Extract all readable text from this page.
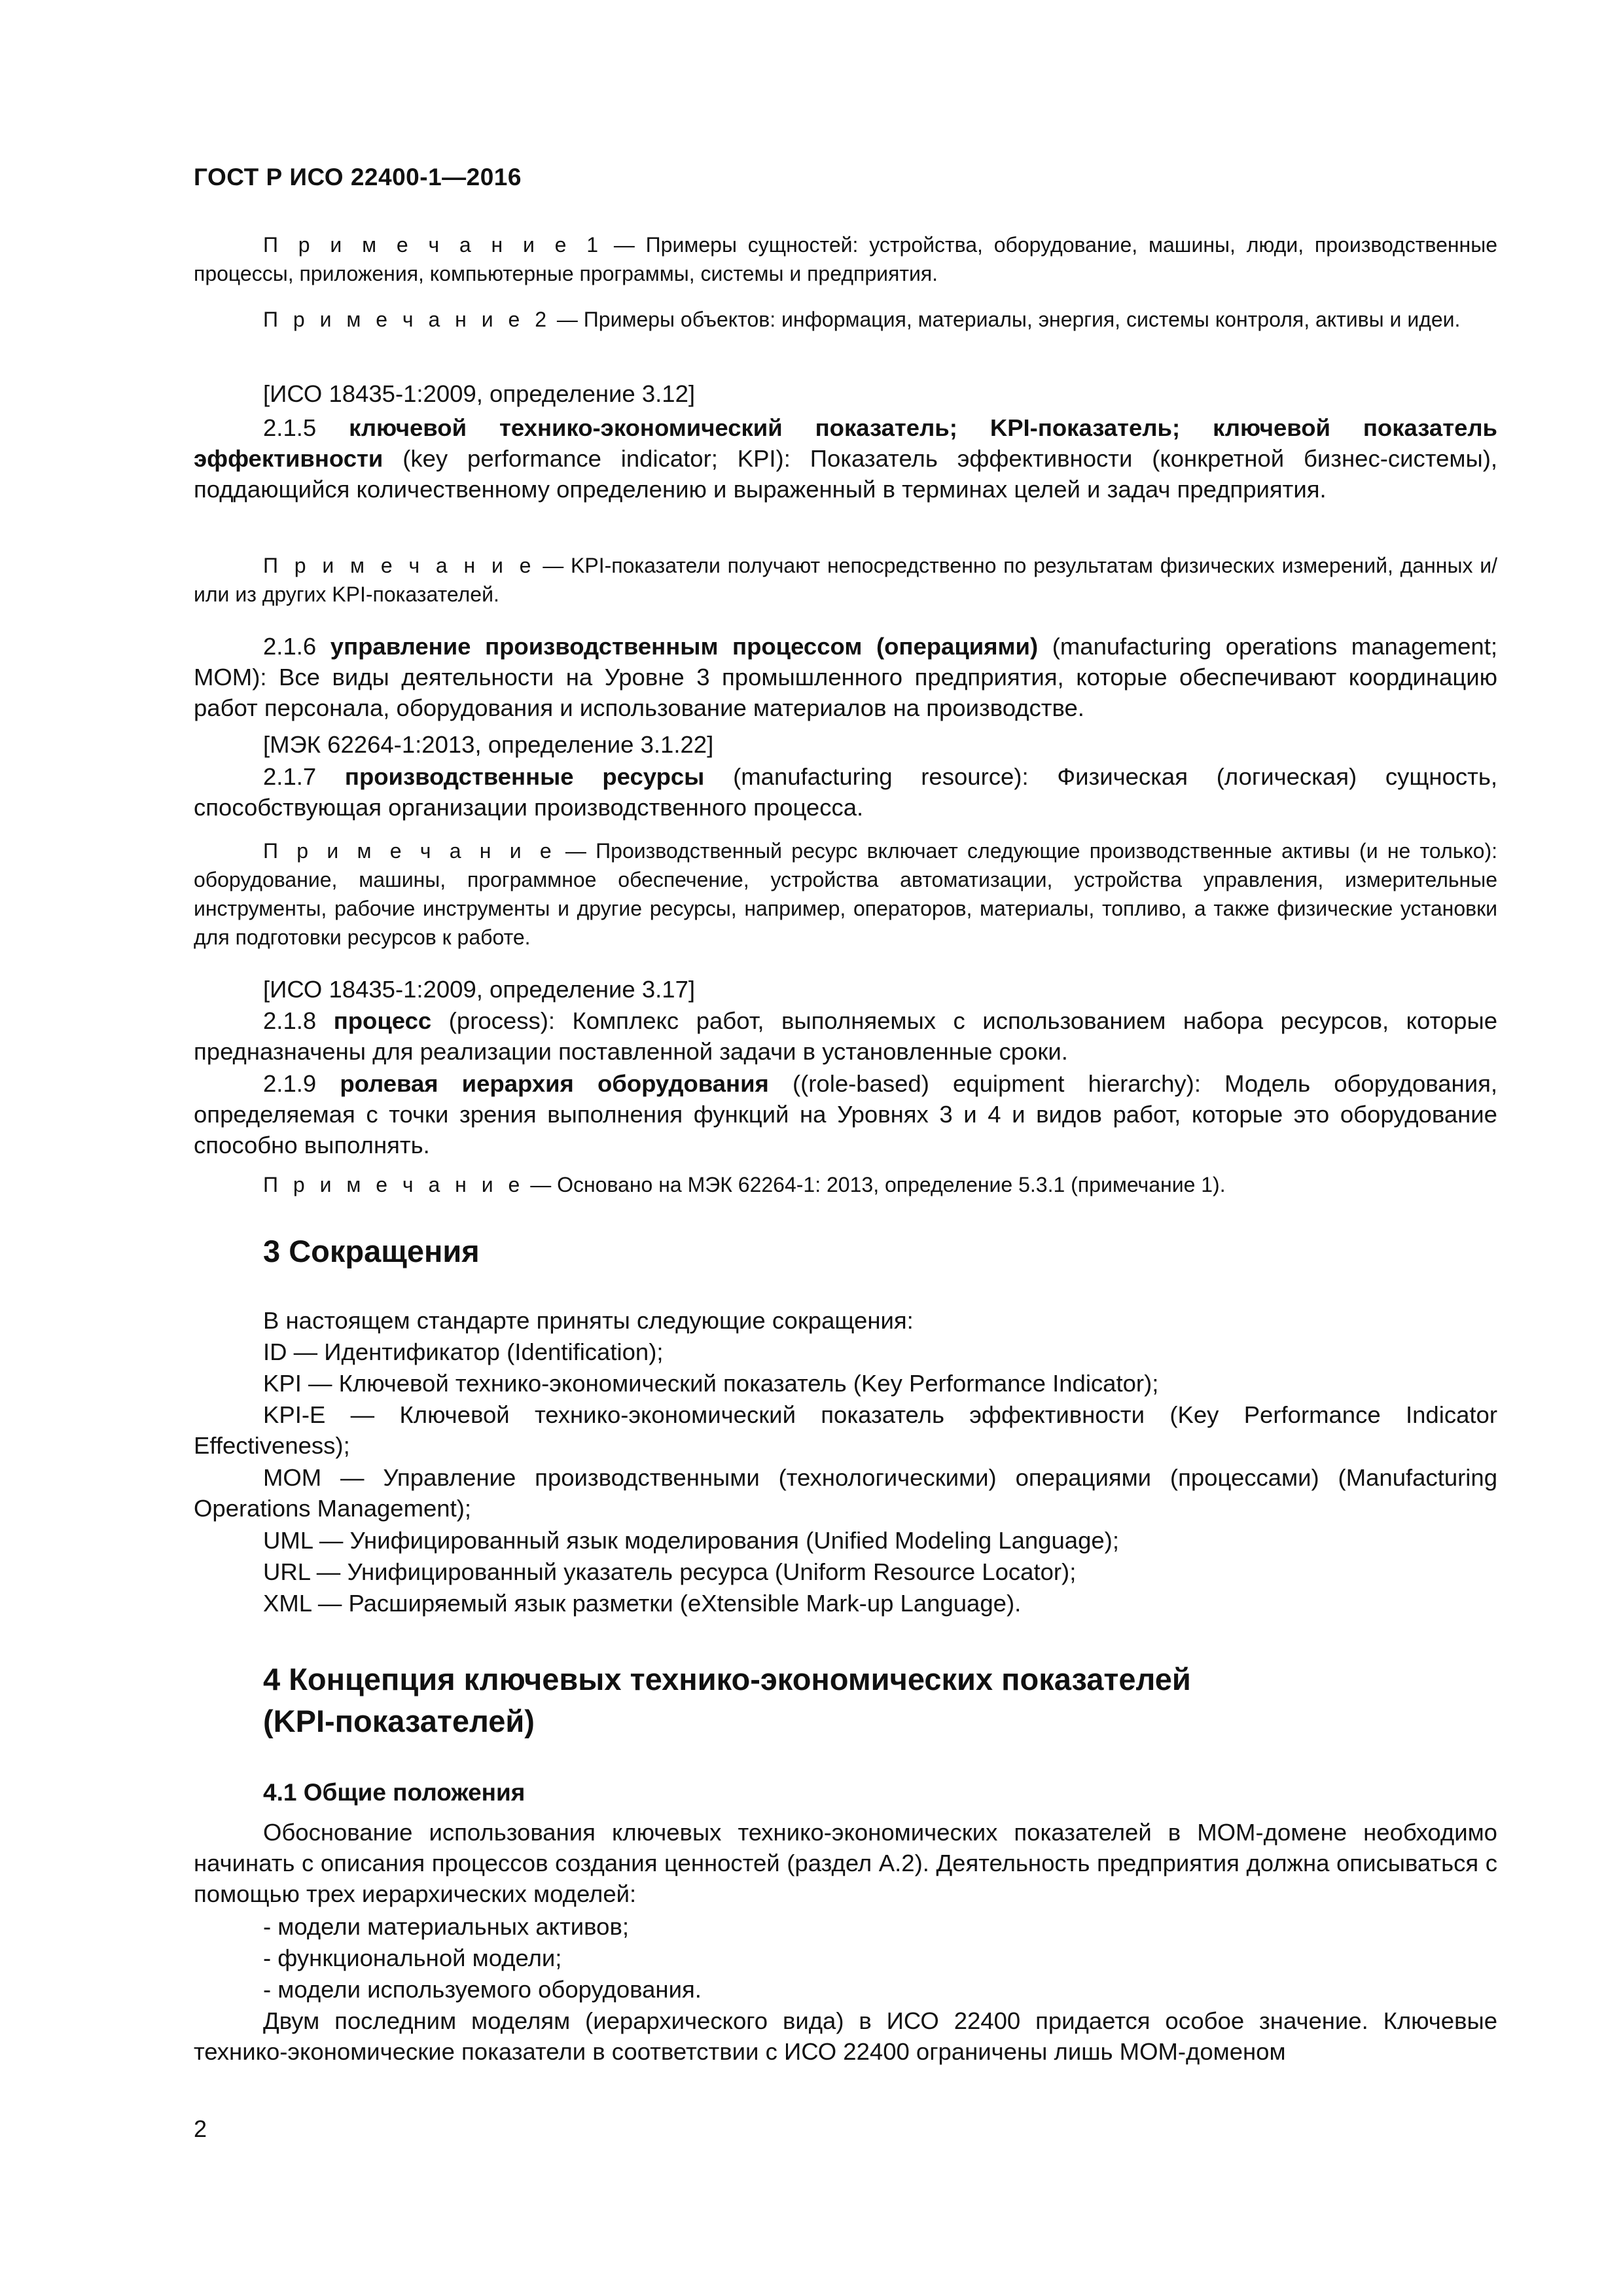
ГОСТ Р ИСО 22400-1—2016
П р и м е ч а н и е 1 — Примеры сущностей: устройства, оборудование, машины, люди, производственные процессы, приложения, компьютерные программы, системы и предприятия.
П р и м е ч а н и е 2 — Примеры объектов: информация, материалы, энергия, системы контроля, активы и идеи.
[ИСО 18435-1:2009, определение 3.12]
2.1.5 ключевой технико-экономический показатель; KPI-показатель; ключевой показатель эффективности (key performance indicator; KPI): Показатель эффективности (конкретной бизнес-системы), поддающийся количественному определению и выраженный в терминах целей и задач предприятия.
П р и м е ч а н и е — KPI-показатели получают непосредственно по результатам физических измерений, данных и/или из других KPI-показателей.
2.1.6 управление производственным процессом (операциями) (manufacturing operations management; MOM): Все виды деятельности на Уровне 3 промышленного предприятия, которые обеспечивают координацию работ персонала, оборудования и использование материалов на производстве.
[МЭК 62264-1:2013, определение 3.1.22]
2.1.7 производственные ресурсы (manufacturing resource): Физическая (логическая) сущность, способствующая организации производственного процесса.
П р и м е ч а н и е — Производственный ресурс включает следующие производственные активы (и не только): оборудование, машины, программное обеспечение, устройства автоматизации, устройства управления, измерительные инструменты, рабочие инструменты и другие ресурсы, например, операторов, материалы, топливо, а также физические установки для подготовки ресурсов к работе.
[ИСО 18435-1:2009, определение 3.17]
2.1.8 процесс (process): Комплекс работ, выполняемых с использованием набора ресурсов, которые предназначены для реализации поставленной задачи в установленные сроки.
2.1.9 ролевая иерархия оборудования ((role-based) equipment hierarchy): Модель оборудования, определяемая с точки зрения выполнения функций на Уровнях 3 и 4 и видов работ, которые это оборудование способно выполнять.
П р и м е ч а н и е — Основано на МЭК 62264-1: 2013, определение 5.3.1 (примечание 1).
3 Сокращения
В настоящем стандарте приняты следующие сокращения:
ID — Идентификатор (Identification);
KPI — Ключевой технико-экономический показатель (Key Performance Indicator);
KPI-E — Ключевой технико-экономический показатель эффективности (Key Performance Indicator Effectiveness);
MOM — Управление производственными (технологическими) операциями (процессами) (Manufacturing Operations Management);
UML — Унифицированный язык моделирования (Unified Modeling Language);
URL — Унифицированный указатель ресурса (Uniform Resource Locator);
XML — Расширяемый язык разметки (eXtensible Mark-up Language).
4 Концепция ключевых технико-экономических показателей
(KPI-показателей)
4.1 Общие положения
Обоснование использования ключевых технико-экономических показателей в MOM-домене необходимо начинать с описания процессов создания ценностей (раздел А.2). Деятельность предприятия должна описываться с помощью трех иерархических моделей:
- модели материальных активов;
- функциональной модели;
- модели используемого оборудования.
Двум последним моделям (иерархического вида) в ИСО 22400 придается особое значение. Ключевые технико-экономические показатели в соответствии с ИСО 22400 ограничены лишь MOM-доменом
2
